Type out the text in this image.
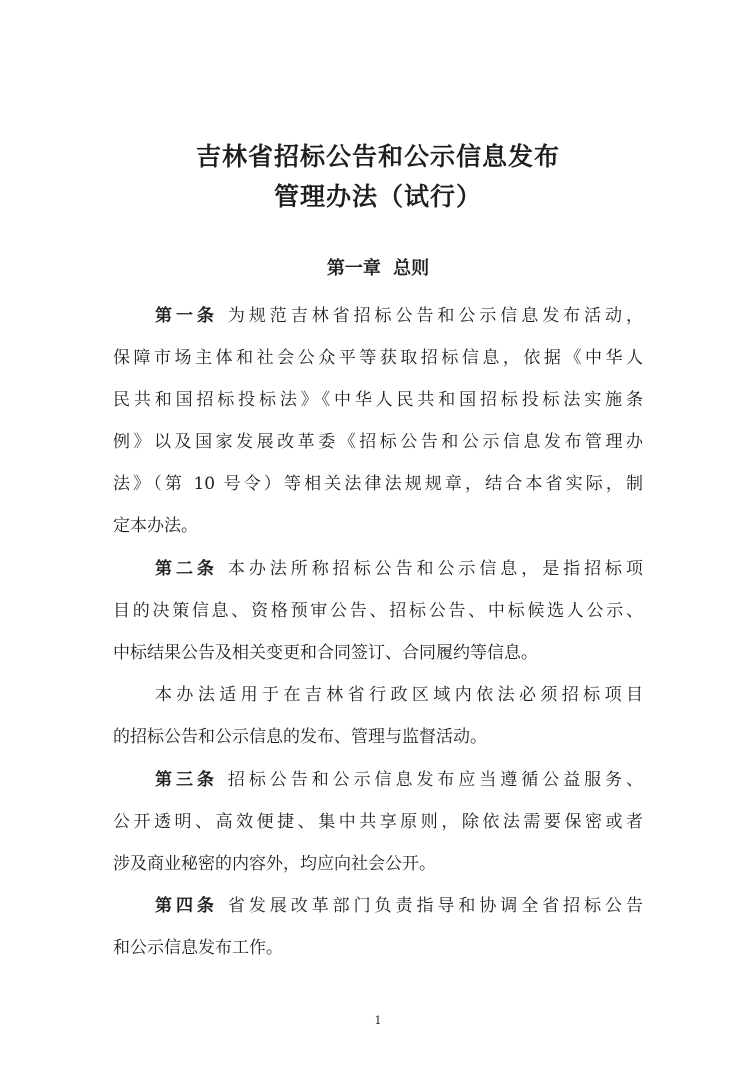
吉林省招标公告和公示信息发布
管理办法（试行）
第一章 总则
第一条 为规范吉林省招标公告和公示信息发布活动，
保障市场主体和社会公众平等获取招标信息，依据《中华人
民共和国招标投标法》《中华人民共和国招标投标法实施条
例》以及国家发展改革委《招标公告和公示信息发布管理办
法》（第 10 号令）等相关法律法规规章，结合本省实际，制
定本办法。
第二条 本办法所称招标公告和公示信息，是指招标项
目的决策信息、资格预审公告、招标公告、中标候选人公示、
中标结果公告及相关变更和合同签订、合同履约等信息。
本办法适用于在吉林省行政区域内依法必须招标项目
的招标公告和公示信息的发布、管理与监督活动。
第三条 招标公告和公示信息发布应当遵循公益服务、
公开透明、高效便捷、集中共享原则，除依法需要保密或者
涉及商业秘密的内容外，均应向社会公开。
第四条 省发展改革部门负责指导和协调全省招标公告
和公示信息发布工作。
1
